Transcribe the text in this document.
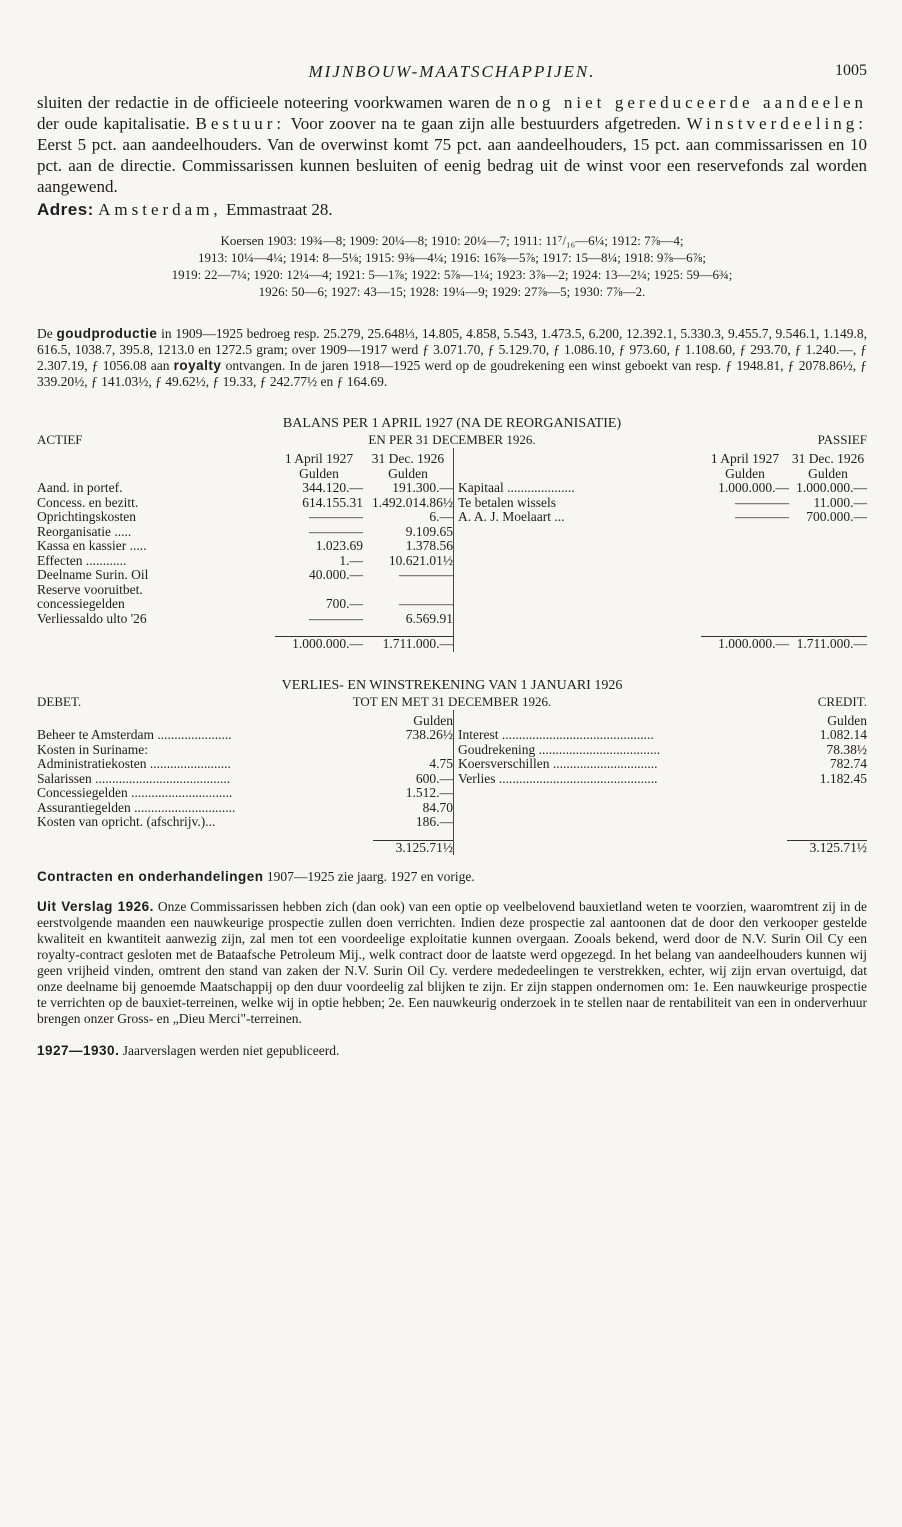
MIJNBOUW-MAATSCHAPPIJEN.	1005

sluiten der redactie in de officieele noteering voorkwamen waren de nog niet gereduceerde aandeelen der oude kapitalisatie. Bestuur: Voor zoover na te gaan zijn alle bestuurders afgetreden. Winstverdeeling: Eerst 5 pct. aan aandeelhouders. Van de overwinst komt 75 pct. aan aandeelhouders, 15 pct. aan commissarissen en 10 pct. aan de directie. Commissarissen kunnen besluiten of eenig bedrag uit de winst voor een reservefonds zal worden aangewend.

Adres: Amsterdam, Emmastraat 28.

Koersen 1903: 19¾—8; 1909: 20¼—8; 1910: 20¼—7; 1911: 11⁷/₁₆—6¼; 1912: 7⅞—4;
1913: 10¼—4¼; 1914: 8—5⅛; 1915: 9⅜—4¼; 1916: 16⅞—5⅞; 1917: 15—8¼; 1918: 9⅞—6⅞;
1919: 22—7¼; 1920: 12¼—4; 1921: 5—1⅞; 1922: 5⅞—1¼; 1923: 3⅞—2; 1924: 13—2¼; 1925: 59—6¾;
1926: 50—6; 1927: 43—15; 1928: 19¼—9; 1929: 27⅞—5; 1930: 7⅞—2.

De goudproductie in 1909—1925 bedroeg resp. 25.279, 25.648⅓, 14.805, 4.858, 5.543, 1.473.5, 6.200, 12.392.1, 5.330.3, 9.455.7, 9.546.1, 1.149.8, 616.5, 1038.7, 395.8, 1213.0 en 1272.5 gram; over 1909—1917 werd ƒ 3.071.70, ƒ 5.129.70, ƒ 1.086.10, ƒ 973.60, ƒ 1.108.60, ƒ 293.70, ƒ 1.240.—, ƒ 2.307.19, ƒ 1056.08 aan royalty ontvangen. In de jaren 1918—1925 werd op de goudrekening een winst geboekt van resp. ƒ 1948.81, ƒ 2078.86½, ƒ 339.20½, ƒ 141.03½, ƒ 49.62½, ƒ 19.33, ƒ 242.77½ en ƒ 164.69.

BALANS PER 1 APRIL 1927 (NA DE REORGANISATIE)
ACTIEF	EN PER 31 DECEMBER 1926.	PASSIEF
1 April 1927	31 Dec. 1926
Gulden	Gulden
Aand. in portef.	344.120.—	191.300.—
Concess. en bezitt.	614.155.31 1.492.014.86½
Oprichtingskosten	————	6.—
Reorganisatie .....	————	9.109.65
Kassa en kassier .....	1.023.69	1.378.56
Effecten ............	1.—	10.621.01½
Deelname Surin. Oil	40.000.—	————
Reserve vooruitbet.
concessiegelden	700.—	————
Verliessaldo ulto '26	————	6.569.91
1.000.000.—	1.711.000.—
1 April 1927 31 Dec. 1926
Gulden	Gulden
Kapitaal ....................	1.000.000.— 1.000.000.—
Te betalen wissels	————	11.000.—
A. A. J. Moelaart ...	————	700.000.—
1.000.000.— 1.711.000.—
VERLIES- EN WINSTREKENING VAN 1 JANUARI 1926
DEBET.	TOT EN MET 31 DECEMBER 1926.	CREDIT.
Gulden
Beheer te Amsterdam ......................	738.26½
Kosten in Suriname:
Administratiekosten ........................	4.75
Salarissen ........................................	600.—
Concessiegelden ..............................	1.512.—
Assurantiegelden ..............................	84.70
Kosten van opricht. (afschrijv.)...	186.—
3.125.71½
Gulden
Interest .............................................	1.082.14
Goudrekening ....................................	78.38½
Koersverschillen ...............................	782.74
Verlies ...............................................	1.182.45
3.125.71½

Contracten en onderhandelingen 1907—1925 zie jaarg. 1927 en vorige.

Uit Verslag 1926. Onze Commissarissen hebben zich (dan ook) van een optie op veelbelovend bauxietland weten te voorzien, waaromtrent zij in de eerstvolgende maanden een nauwkeurige prospectie zullen doen verrichten. Indien deze prospectie zal aantoonen dat de door den verkooper gestelde kwaliteit en kwantiteit aanwezig zijn, zal men tot een voordeelige exploitatie kunnen overgaan. Zooals bekend, werd door de N.V. Surin Oil Cy een royalty-contract gesloten met de Bataafsche Petroleum Mij., welk contract door de laatste werd opgezegd. In het belang van aandeelhouders kunnen wij geen vrijheid vinden, omtrent den stand van zaken der N.V. Surin Oil Cy. verdere mededeelingen te verstrekken, echter, wij zijn ervan overtuigd, dat onze deelname bij genoemde Maatschappij op den duur voordeelig zal blijken te zijn. Er zijn stappen ondernomen om: 1e. Een nauwkeurige prospectie te verrichten op de bauxiet-terreinen, welke wij in optie hebben; 2e. Een nauwkeurig onderzoek in te stellen naar de rentabiliteit van een in onderverhuur brengen onzer Gross- en „Dieu Merci"-terreinen.

1927—1930. Jaarverslagen werden niet gepubliceerd.
